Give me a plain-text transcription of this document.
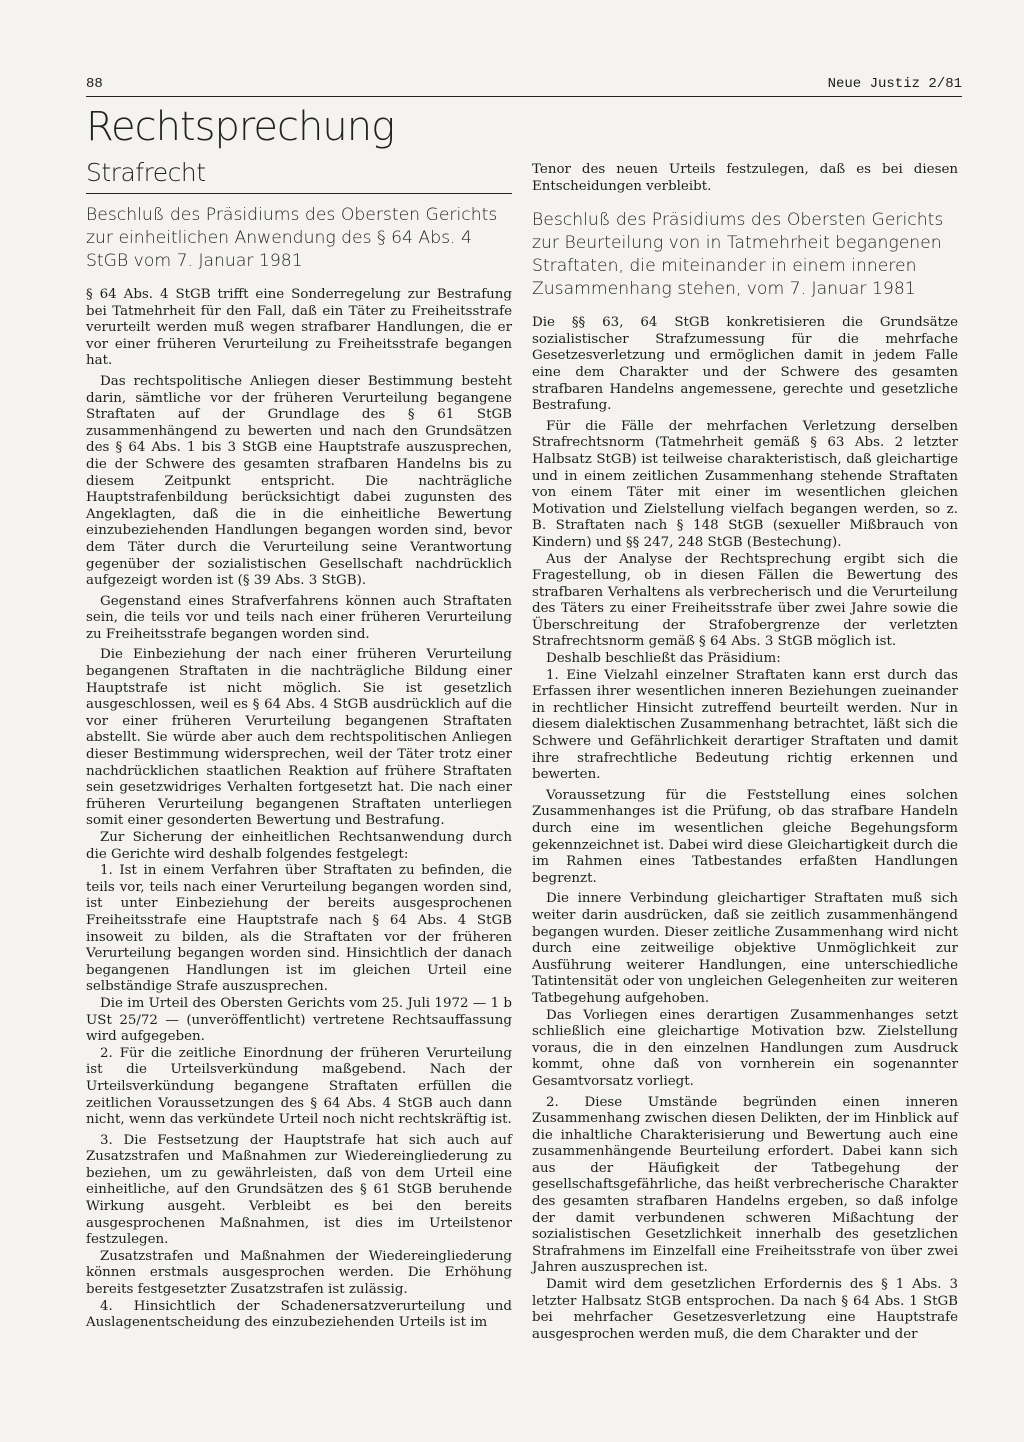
88	Neue Justiz 2/81
Rechtsprechung
Strafrecht
Beschluß des Präsidiums des Obersten Gerichts zur einheitlichen Anwendung des § 64 Abs. 4 StGB vom 7. Januar 1981

§ 64 Abs. 4 StGB trifft eine Sonderregelung zur Bestrafung bei Tatmehrheit für den Fall, daß ein Täter zu Freiheitsstrafe verurteilt werden muß wegen strafbarer Handlungen, die er vor einer früheren Verurteilung zu Freiheitsstrafe begangen hat.

Das rechtspolitische Anliegen dieser Bestimmung besteht darin, sämtliche vor der früheren Verurteilung begangene Straftaten auf der Grundlage des § 61 StGB zusammenhängend zu bewerten und nach den Grundsätzen des § 64 Abs. 1 bis 3 StGB eine Hauptstrafe auszusprechen, die der Schwere des gesamten strafbaren Handelns bis zu diesem Zeitpunkt entspricht. Die nachträgliche Hauptstrafenbildung berücksichtigt dabei zugunsten des Angeklagten, daß die in die einheitliche Bewertung einzubeziehenden Handlungen begangen worden sind, bevor dem Täter durch die Verurteilung seine Verantwortung gegenüber der sozialistischen Gesellschaft nachdrücklich aufgezeigt worden ist (§ 39 Abs. 3 StGB).

Gegenstand eines Strafverfahrens können auch Straftaten sein, die teils vor und teils nach einer früheren Verurteilung zu Freiheitsstrafe begangen worden sind.

Die Einbeziehung der nach einer früheren Verurteilung begangenen Straftaten in die nachträgliche Bildung einer Hauptstrafe ist nicht möglich. Sie ist gesetzlich ausgeschlossen, weil es § 64 Abs. 4 StGB ausdrücklich auf die vor einer früheren Verurteilung begangenen Straftaten abstellt. Sie würde aber auch dem rechtspolitischen Anliegen dieser Bestimmung widersprechen, weil der Täter trotz einer nachdrücklichen staatlichen Reaktion auf frühere Straftaten sein gesetzwidriges Verhalten fortgesetzt hat. Die nach einer früheren Verurteilung begangenen Straftaten unterliegen somit einer gesonderten Bewertung und Bestrafung.

Zur Sicherung der einheitlichen Rechtsanwendung durch die Gerichte wird deshalb folgendes festgelegt:

1. Ist in einem Verfahren über Straftaten zu befinden, die teils vor, teils nach einer Verurteilung begangen worden sind, ist unter Einbeziehung der bereits ausgesprochenen Freiheitsstrafe eine Hauptstrafe nach § 64 Abs. 4 StGB insoweit zu bilden, als die Straftaten vor der früheren Verurteilung begangen worden sind. Hinsichtlich der danach begangenen Handlungen ist im gleichen Urteil eine selbständige Strafe auszusprechen.

Die im Urteil des Obersten Gerichts vom 25. Juli 1972 — 1 b USt 25/72 — (unveröffentlicht) vertretene Rechtsauffassung wird aufgegeben.

2. Für die zeitliche Einordnung der früheren Verurteilung ist die Urteilsverkündung maßgebend. Nach der Urteilsverkündung begangene Straftaten erfüllen die zeitlichen Voraussetzungen des § 64 Abs. 4 StGB auch dann nicht, wenn das verkündete Urteil noch nicht rechtskräftig ist.

3. Die Festsetzung der Hauptstrafe hat sich auch auf Zusatzstrafen und Maßnahmen zur Wiedereingliederung zu beziehen, um zu gewährleisten, daß von dem Urteil eine einheitliche, auf den Grundsätzen des § 61 StGB beruhende Wirkung ausgeht. Verbleibt es bei den bereits ausgesprochenen Maßnahmen, ist dies im Urteilstenor festzulegen.

Zusatzstrafen und Maßnahmen der Wiedereingliederung können erstmals ausgesprochen werden. Die Erhöhung bereits festgesetzter Zusatzstrafen ist zulässig.

4. Hinsichtlich der Schadenersatzverurteilung und Auslagenentscheidung des einzubeziehenden Urteils ist im

Tenor des neuen Urteils festzulegen, daß es bei diesen Entscheidungen verbleibt.

Beschluß des Präsidiums des Obersten Gerichts zur Beurteilung von in Tatmehrheit begangenen Straftaten, die miteinander in einem inneren Zusammenhang stehen, vom 7. Januar 1981

Die §§ 63, 64 StGB konkretisieren die Grundsätze sozialistischer Strafzumessung für die mehrfache Gesetzesverletzung und ermöglichen damit in jedem Falle eine dem Charakter und der Schwere des gesamten strafbaren Handelns angemessene, gerechte und gesetzliche Bestrafung.

Für die Fälle der mehrfachen Verletzung derselben Strafrechtsnorm (Tatmehrheit gemäß § 63 Abs. 2 letzter Halbsatz StGB) ist teilweise charakteristisch, daß gleichartige und in einem zeitlichen Zusammenhang stehende Straftaten von einem Täter mit einer im wesentlichen gleichen Motivation und Zielstellung vielfach begangen werden, so z. B. Straftaten nach § 148 StGB (sexueller Mißbrauch von Kindern) und §§ 247, 248 StGB (Bestechung).

Aus der Analyse der Rechtsprechung ergibt sich die Fragestellung, ob in diesen Fällen die Bewertung des strafbaren Verhaltens als verbrecherisch und die Verurteilung des Täters zu einer Freiheitsstrafe über zwei Jahre sowie die Überschreitung der Strafobergrenze der verletzten Strafrechtsnorm gemäß § 64 Abs. 3 StGB möglich ist.

Deshalb beschließt das Präsidium:

1. Eine Vielzahl einzelner Straftaten kann erst durch das Erfassen ihrer wesentlichen inneren Beziehungen zueinander in rechtlicher Hinsicht zutreffend beurteilt werden. Nur in diesem dialektischen Zusammenhang betrachtet, läßt sich die Schwere und Gefährlichkeit derartiger Straftaten und damit ihre strafrechtliche Bedeutung richtig erkennen und bewerten.

Voraussetzung für die Feststellung eines solchen Zusammenhanges ist die Prüfung, ob das strafbare Handeln durch eine im wesentlichen gleiche Begehungsform gekennzeichnet ist. Dabei wird diese Gleichartigkeit durch die im Rahmen eines Tatbestandes erfaßten Handlungen begrenzt.

Die innere Verbindung gleichartiger Straftaten muß sich weiter darin ausdrücken, daß sie zeitlich zusammenhängend begangen wurden. Dieser zeitliche Zusammenhang wird nicht durch eine zeitweilige objektive Unmöglichkeit zur Ausführung weiterer Handlungen, eine unterschiedliche Tatintensität oder von ungleichen Gelegenheiten zur weiteren Tatbegehung aufgehoben.

Das Vorliegen eines derartigen Zusammenhanges setzt schließlich eine gleichartige Motivation bzw. Zielstellung voraus, die in den einzelnen Handlungen zum Ausdruck kommt, ohne daß von vornherein ein sogenannter Gesamtvorsatz vorliegt.

2. Diese Umstände begründen einen inneren Zusammenhang zwischen diesen Delikten, der im Hinblick auf die inhaltliche Charakterisierung und Bewertung auch eine zusammenhängende Beurteilung erfordert. Dabei kann sich aus der Häufigkeit der Tatbegehung der gesellschaftsgefährliche, das heißt verbrecherische Charakter des gesamten strafbaren Handelns ergeben, so daß infolge der damit verbundenen schweren Mißachtung der sozialistischen Gesetzlichkeit innerhalb des gesetzlichen Strafrahmens im Einzelfall eine Freiheitsstrafe von über zwei Jahren auszusprechen ist.

Damit wird dem gesetzlichen Erfordernis des § 1 Abs. 3 letzter Halbsatz StGB entsprochen. Da nach § 64 Abs. 1 StGB bei mehrfacher Gesetzesverletzung eine Hauptstrafe ausgesprochen werden muß, die dem Charakter und der
